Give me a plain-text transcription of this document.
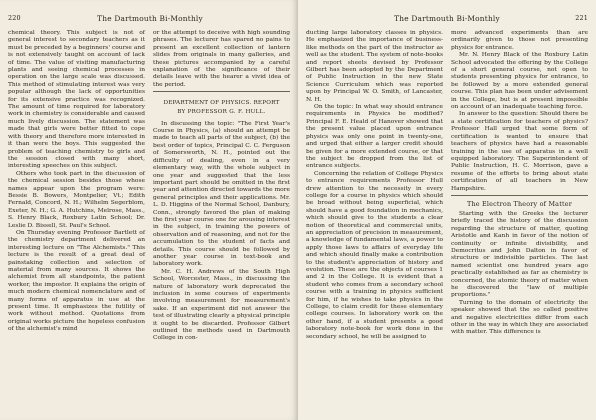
220	The Dartmouth Bi-Monthly

chemical theory. This subject is not of general interest to secondary teachers as it must be preceded by a beginners' course and is not extensively taught on account of lack of time. The value of visiting manufacturing plants and seeing chemical processes in operation on the large scale was discussed. This method of stimulating interest was very popular although the lack of opportunities for its extensive practice was recognized. The amount of time required for laboratory work in chemistry is considerable and caused much lively discussion. The statement was made that girls were better fitted to cope with theory and therefore more interested in it than were the boys. This suggested the problem of teaching chemistry to girls and the session closed with many short, interesting speeches on this subject.

Others who took part in the discussion of the chemical session besides those whose names appear upon the program were: Bessie B. Bowers, Montpelier, Vt.; Edith Fernald, Concord, N. H.; Wilhelm Segerblom, Exeter, N. H.; G. A. Hutchins, Melrose, Mass., S. Henry Black, Roxbury Latin School; Dr. Leslie D. Bissell, St. Paul's School.

On Thursday evening Professor Bartlett of the chemistry department delivered an interesting lecture on "The Alchemists." This lecture is the result of a great deal of painstaking collection and selection of material from many sources. It shows the alchemist from all standpoints, the patient worker, the impostor. It explains the origin of much modern chemical nomenclature and of many forms of apparatus in use at the present time. It emphasizes the futility of work without method. Quotations from original works picture the hopeless confusion of the alchemist's mind

or the attempt to deceive with high sounding phrases. The lecturer has spared no pains to present an excellent collection of lantern slides from originals in many galleries, and these pictures accompanied by a careful explanation of the significance of their details leave with the hearer a vivid idea of the period.

DEPARTMENT OF PHYSICS. REPORT
BY PROFESSOR G. F. HULL.

In discussing the topic: "The First Year's Course in Physics, (a) should an attempt be made to teach all parts of the subject, (b) the best order of topics, Principal C. C. Ferguson of Somersworth, N. H., pointed out the difficulty of dealing, even in a very elementary way, with the whole subject in one year and suggested that the less important part should be omitted in the first year and attention directed towards the more general principles and their applications. Mr. L. D. Higgins of the Normal School, Danbury, Conn., strongly favored the plan of making the first year course one for arousing interest in the subject, in training the powers of observation and of reasoning, and not for the accumulation to the student of facts and details. This course should be followed by another year course in text-book and laboratory work.

Mr. C. H. Andrews of the South High School, Worcester, Mass., in discussing the nature of laboratory work deprecated the inclusion in some courses of experiments involving measurement for measurement's sake. If an experiment did not answer the test of illustrating clearly a physical principle it ought to be discarded. Professor Gilbert outlined the methods used in Dartmouth College in con-

The Dartmouth Bi-Monthly	221

ducting large laboratory classes in physics. He emphasized the importance of business-like methods on the part of the instructor as well as the student. The system of note-books and report sheets devised by Professor Gilbert has been adopted by the Department of Public Instruction in the new State Science Curriculum which was reported upon by Principal W. O. Smith, of Lancaster, N. H.

On the topic: In what way should entrance requirements in Physics be modified? Principal F. E. Heald of Hanover showed that the present value placed upon entrance physics was only one point in twenty-one, and urged that either a larger credit should be given for a more extended course, or that the subject be dropped from the list of entrance subjects.

Concerning the relation of College Physics to entrance requirements Professor Hull drew attention to the necessity in every college for a course in physics which should be broad without being superficial, which should have a good foundation in mechanics, which should give to the students a clear notion of theoretical and commercial units, an appreciation of precision in measurement, a knowledge of fundamental laws, a power to apply those laws to affairs of everyday life and which should finally make a contribution to the student's appreciation of history and evolution. These are the objects of courses 1 and 2 in the College. It is evident that a student who comes from a secondary school course with a training in physics sufficient for him, if he wishes to take physics in the College, to claim credit for these elementary college courses. In laboratory work on the other hand, if a student presents a good laboratory note-book for work done in the secondary school, he will be assigned to

more advanced experiments than are ordinarily given to those not presenting physics for entrance.

Mr. N. Henry Black of the Roxbury Latin School advocated the offering by the College of a short general course, not open to students presenting physics for entrance, to be followed by a more extended general course. This plan has been under advisement in the College, but is at present impossible on account of an inadequate teaching force.

In answer to the question: Should there be a state certification for teachers of physics? Professor Hall urged that some form of certification is wanted to ensure that teachers of physics have had a reasonable training in the use of apparatus in a well equipped laboratory. The Superintendent of Public Instruction, H. C. Morrison, gave a resume of the efforts to bring about state certification of all teachers in New Hampshire.

The Electron Theory of Matter

Starting with the Greeks the lecturer briefly traced the history of the discussion regarding the structure of matter, quoting Aristotle and Kanh in favor of the notion of continuity or infinite divisibility, and Democritus and John Dalton in favor of structure or indivisible particles. The last named scientist one hundred years ago practically established as far as chemistry is concerned, the atomic theory of matter when he discovered the "law of multiple proportions."

Turning to the domain of electricity the speaker showed that the so called positive and negative electricities differ from each other in the way in which they are associated with matter. This difference is
